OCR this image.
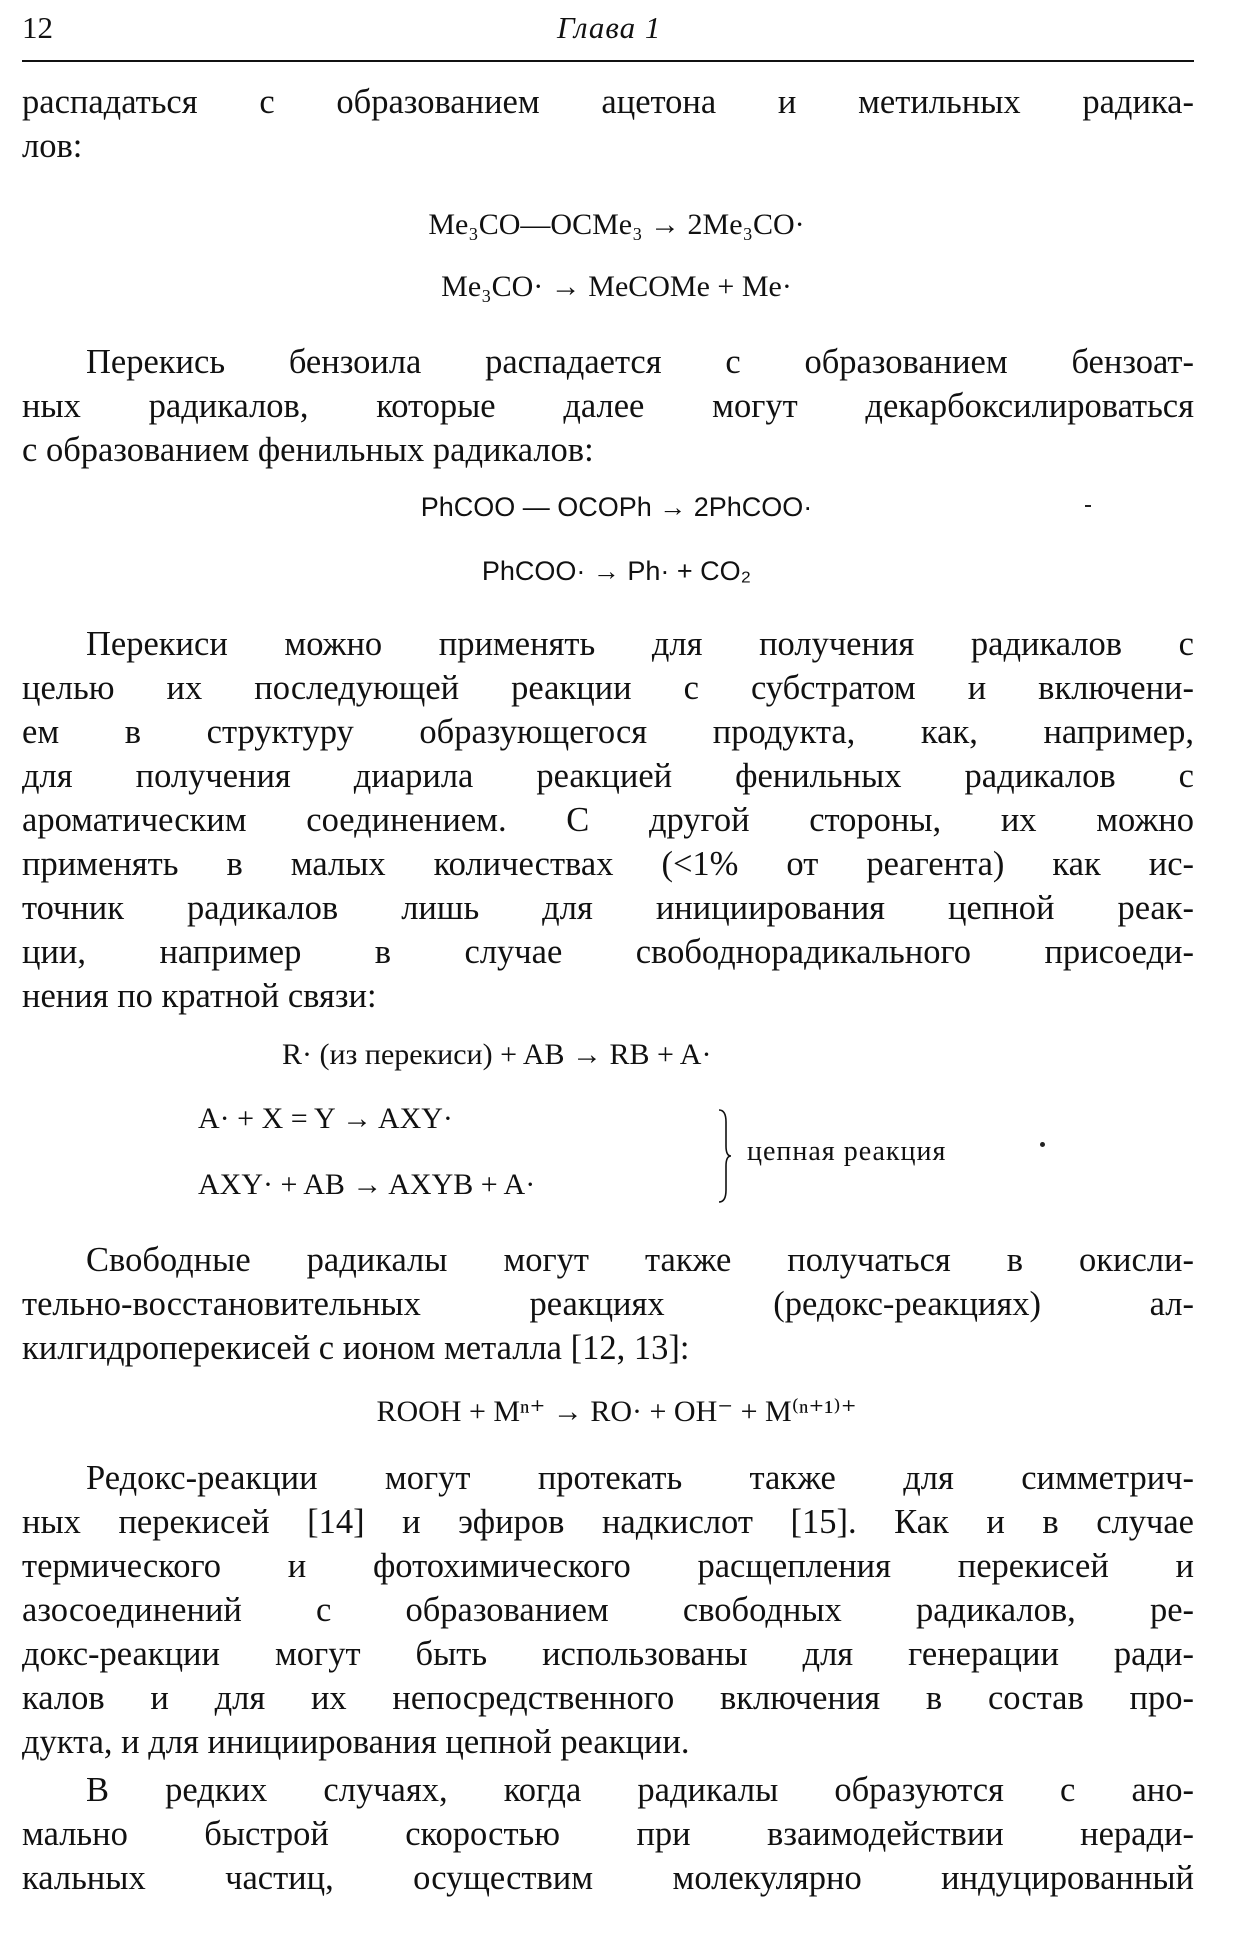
12	Глава 1
распадаться с образованием ацетона и метильных радика-
лов:
Me₃CO—OCMe₃ → 2Me₃CO·
Me₃CO· → MeCOMe + Me·
Перекись бензоила распадается с образованием бензоат-
ных радикалов, которые далее могут декарбоксилироваться
с образованием фенильных радикалов:
PhCOO — OCOPh → 2PhCOO·
PhCOO· → Ph· + CO₂
Перекиси можно применять для получения радикалов с
целью их последующей реакции с субстратом и включени-
ем в структуру образующегося продукта, как, например,
для получения диарила реакцией фенильных радикалов с
ароматическим соединением. С другой стороны, их можно
применять в малых количествах (<1% от реагента) как ис-
точник радикалов лишь для инициирования цепной реак-
ции, например в случае свободнорадикального присоеди-
нения по кратной связи:
R· (из перекиси) + AB → RB + A·
A· + X = Y → AXY·
AXY· + AB → AXYB + A·
цепная реакция
Свободные радикалы могут также получаться в окисли-
тельно-восстановительных реакциях (редокс-реакциях) ал-
килгидроперекисей с ионом металла [12, 13]:
ROOH + Mⁿ⁺ → RO· + OH⁻ + M⁽ⁿ⁺¹⁾⁺
Редокс-реакции могут протекать также для симметрич-
ных перекисей [14] и эфиров надкислот [15]. Как и в случае
термического и фотохимического расщепления перекисей и
азосоединений с образованием свободных радикалов, ре-
докс-реакции могут быть использованы для генерации ради-
калов и для их непосредственного включения в состав про-
дукта, и для инициирования цепной реакции.
В редких случаях, когда радикалы образуются с ано-
мально быстрой скоростью при взаимодействии неради-
кальных частиц, осуществим молекулярно индуцированный
